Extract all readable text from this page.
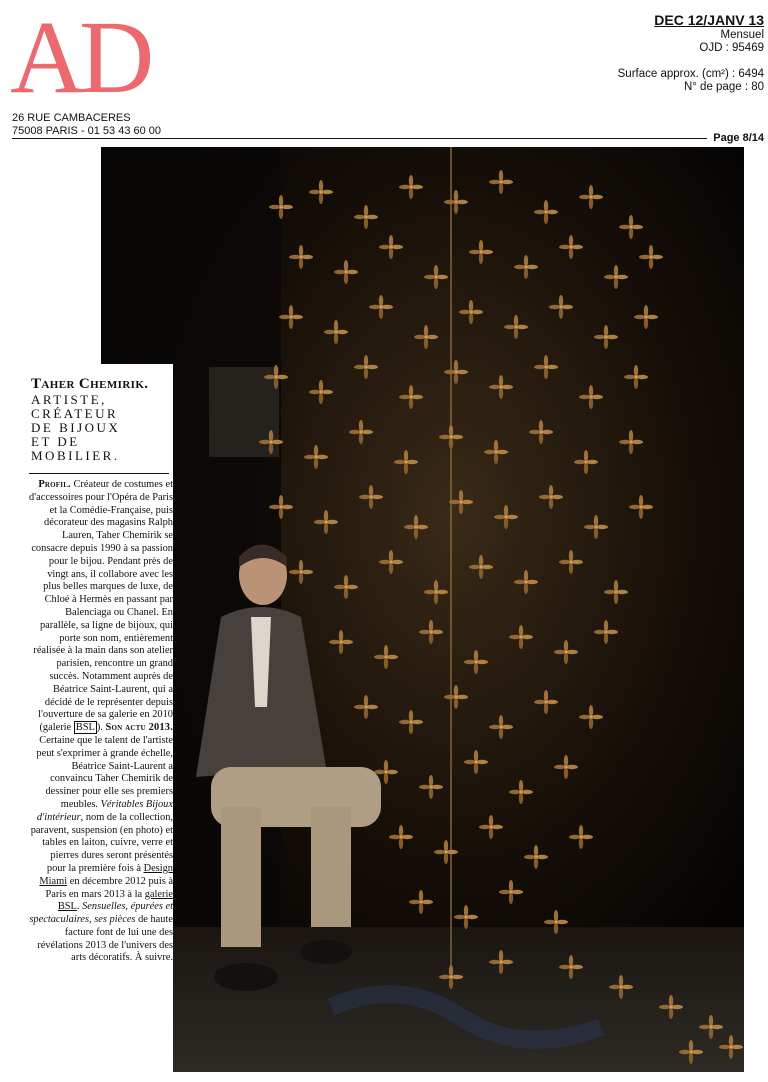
AD
26 RUE CAMBACERES
75008 PARIS - 01 53 43 60 00
DEC 12/JANV 13
Mensuel
OJD : 95469
Surface approx. (cm²) : 6494
N° de page : 80
Page 8/14
Taher Chemirik.
ARTISTE,
CRÉATEUR
DE BIJOUX
ET DE MOBILIER.
Profil. Créateur de costumes et d'accessoires pour l'Opéra de Paris et la Comédie-Française, puis décorateur des magasins Ralph Lauren, Taher Chemirik se consacre depuis 1990 à sa passion pour le bijou. Pendant près de vingt ans, il collabore avec les plus belles marques de luxe, de Chloé à Hermès en passant par Balenciaga ou Chanel. En parallèle, sa ligne de bijoux, qui porte son nom, entièrement réalisée à la main dans son atelier parisien, rencontre un grand succès. Notamment auprès de Béatrice Saint-Laurent, qui a décidé de le représenter depuis l'ouverture de sa galerie en 2010 (galerie BSL ). Son actu 2013. Certaine que le talent de l'artiste peut s'exprimer à grande échelle, Béatrice Saint-Laurent a convaincu Taher Chemirik de dessiner pour elle ses premiers meubles. Véritables Bijoux d'intérieur, nom de la collection, paravent, suspension (en photo) et tables en laiton, cuivre, verre et pierres dures seront présentés pour la première fois à Design Miami en décembre 2012 puis à Paris en mars 2013 à la galerie BSL. Sensuelles, épurées et spectaculaires, ses pièces de haute facture font de lui une des révélations 2013 de l'univers des arts décoratifs. À suivre.
